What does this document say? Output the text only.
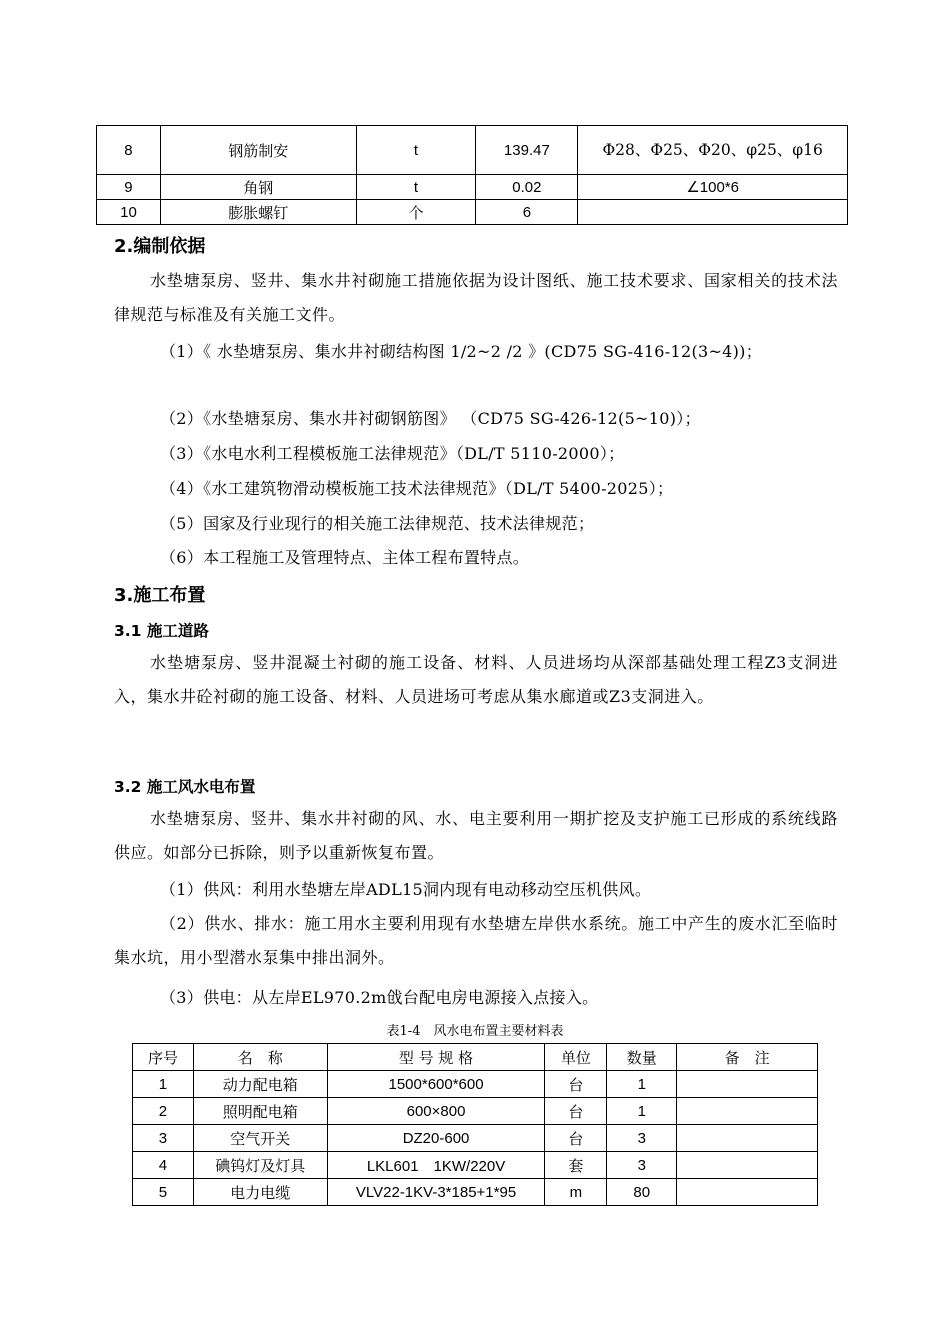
8	钢筋制安	t	139.47	Φ28、Φ25、Φ20、φ25、φ16
9	角钢	t	0.02	∠100*6
10	膨胀螺钉	个	6	
2.编制依据

水垫塘泵房、竖井、集水井衬砌施工措施依据为设计图纸、施工技术要求、国家相关的技术法律规范与标准及有关施工文件。

（1）《 水垫塘泵房、集水井衬砌结构图 1/2~2 /2 》(CD75 SG-416-12(3~4))；

（2）《水垫塘泵房、集水井衬砌钢筋图》 （CD75 SG-426-12(5~10)）；

（3）《水电水利工程模板施工法律规范》（DL/T 5110-2000）；

（4）《水工建筑物滑动模板施工技术法律规范》（DL/T 5400-2025）；

（5）国家及行业现行的相关施工法律规范、技术法律规范；

（6）本工程施工及管理特点、主体工程布置特点。

3.施工布置
3.1 施工道路

水垫塘泵房、竖井混凝土衬砌的施工设备、材料、人员进场均从深部基础处理工程Z3支洞进入，集水井砼衬砌的施工设备、材料、人员进场可考虑从集水廊道或Z3支洞进入。

3.2 施工风水电布置

水垫塘泵房、竖井、集水井衬砌的风、水、电主要利用一期扩挖及支护施工已形成的系统线路供应。如部分已拆除，则予以重新恢复布置。

（1）供风：利用水垫塘左岸ADL15洞内现有电动移动空压机供风。

（2）供水、排水：施工用水主要利用现有水垫塘左岸供水系统。施工中产生的废水汇至临时集水坑，用小型潜水泵集中排出洞外。

（3）供电：从左岸EL970.2m戗台配电房电源接入点接入。

表1-4　风水电布置主要材料表

序号	名　称	型 号 规 格	单位	数量	备　注
1	动力配电箱	1500*600*600	台	1	
2	照明配电箱	600×800	台	1	
3	空气开关	DZ20-600	台	3	
4	碘钨灯及灯具	LKL601　1KW/220V	套	3	
5	电力电缆	VLV22-1KV-3*185+1*95	m	80	
